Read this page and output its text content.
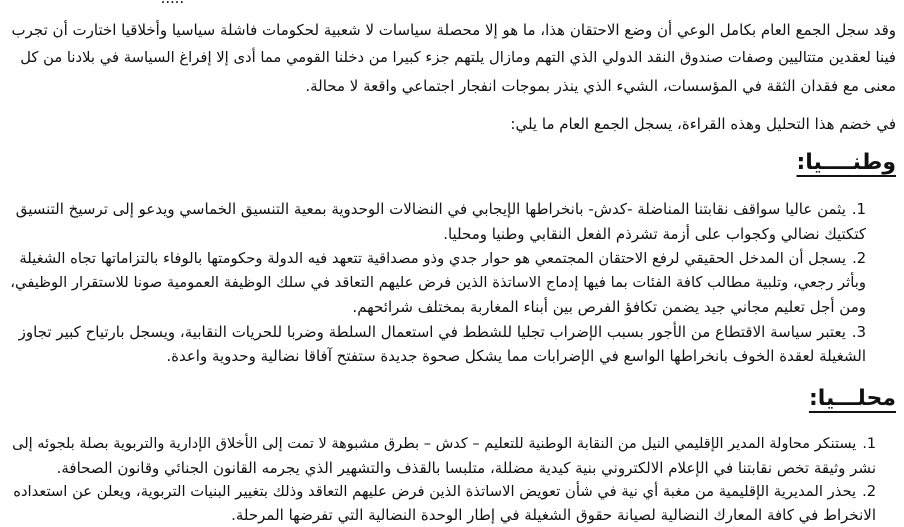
وقد سجل الجمع العام بكامل الوعي أن وضع الاحتقان هذا، ما هو إلا محصلة سياسات لا شعبية لحكومات فاشلة سياسيا وأخلاقيا اختارت أن تجرب
فينا لعقدين متتاليين وصفات صندوق النقد الدولي الذي التهم ومازال يلتهم جزء كبيرا من دخلنا القومي مما أدى إلا إفراغ السياسة في بلادنا من كل
معنى مع فقدان الثقة في المؤسسات، الشيء الذي ينذر بموجات انفجار اجتماعي واقعة لا محالة.
في خضم هذا التحليل وهذه القراءة، يسجل الجمع العام ما يلي:
وطنــــيا:
1.يثمن عاليا سواقف نقابتنا المناضلة -كدش- بانخراطها الإيجابي في النضالات الوحدوية بمعية التنسيق الخماسي ويدعو إلى ترسيخ التنسيق
كتكتيك نضالي وكجواب على أزمة تشرذم الفعل النقابي وطنيا ومحليا.
2.يسجل أن المدخل الحقيقي لرفع الاحتقان المجتمعي هو حوار جدي وذو مصداقية تتعهد فيه الدولة وحكومتها بالوفاء بالتزاماتها تجاه الشغيلة
وبأثر رجعي، وتلبية مطالب كافة الفئات بما فيها إدماج الاساتذة الذين فرض عليهم التعاقد في سلك الوظيفة العمومية صونا للاستقرار الوظيفي،
ومن أجل تعليم مجاني جيد يضمن تكافؤ الفرص بين أبناء المغاربة بمختلف شرائحهم.
3.يعتبر سياسة الاقتطاع من الأجور بسبب الإضراب تجليا للشطط في استعمال السلطة وضربا للحريات النقابية، ويسجل بارتياح كبير تجاوز
الشغيلة لعقدة الخوف بانخراطها الواسع في الإضرابات مما يشكل صحوة جديدة ستفتح آفاقا نضالية وحدوية واعدة.
محلـــيا:
1.يستنكر محاولة المدير الإقليمي النيل من النقابة الوطنية للتعليم – كدش – بطرق مشبوهة لا تمت إلى الأخلاق الإدارية والتربوية بصلة بلجوئه إلى
نشر وثيقة تخص نقابتنا في الإعلام الالكتروني بنية كيدية مضللة، متلبسا بالقذف والتشهير الذي يجرمه القانون الجنائي وقانون الصحافة.
2.يحذر المديرية الإقليمية من مغبة أي نية في شأن تعويض الاساتذة الذين فرض عليهم التعاقد وذلك بتغيير البنيات التربوية، ويعلن عن استعداده
الانخراط في كافة المعارك النضالية لصيانة حقوق الشغيلة في إطار الوحدة النضالية التي تفرضها المرحلة.
